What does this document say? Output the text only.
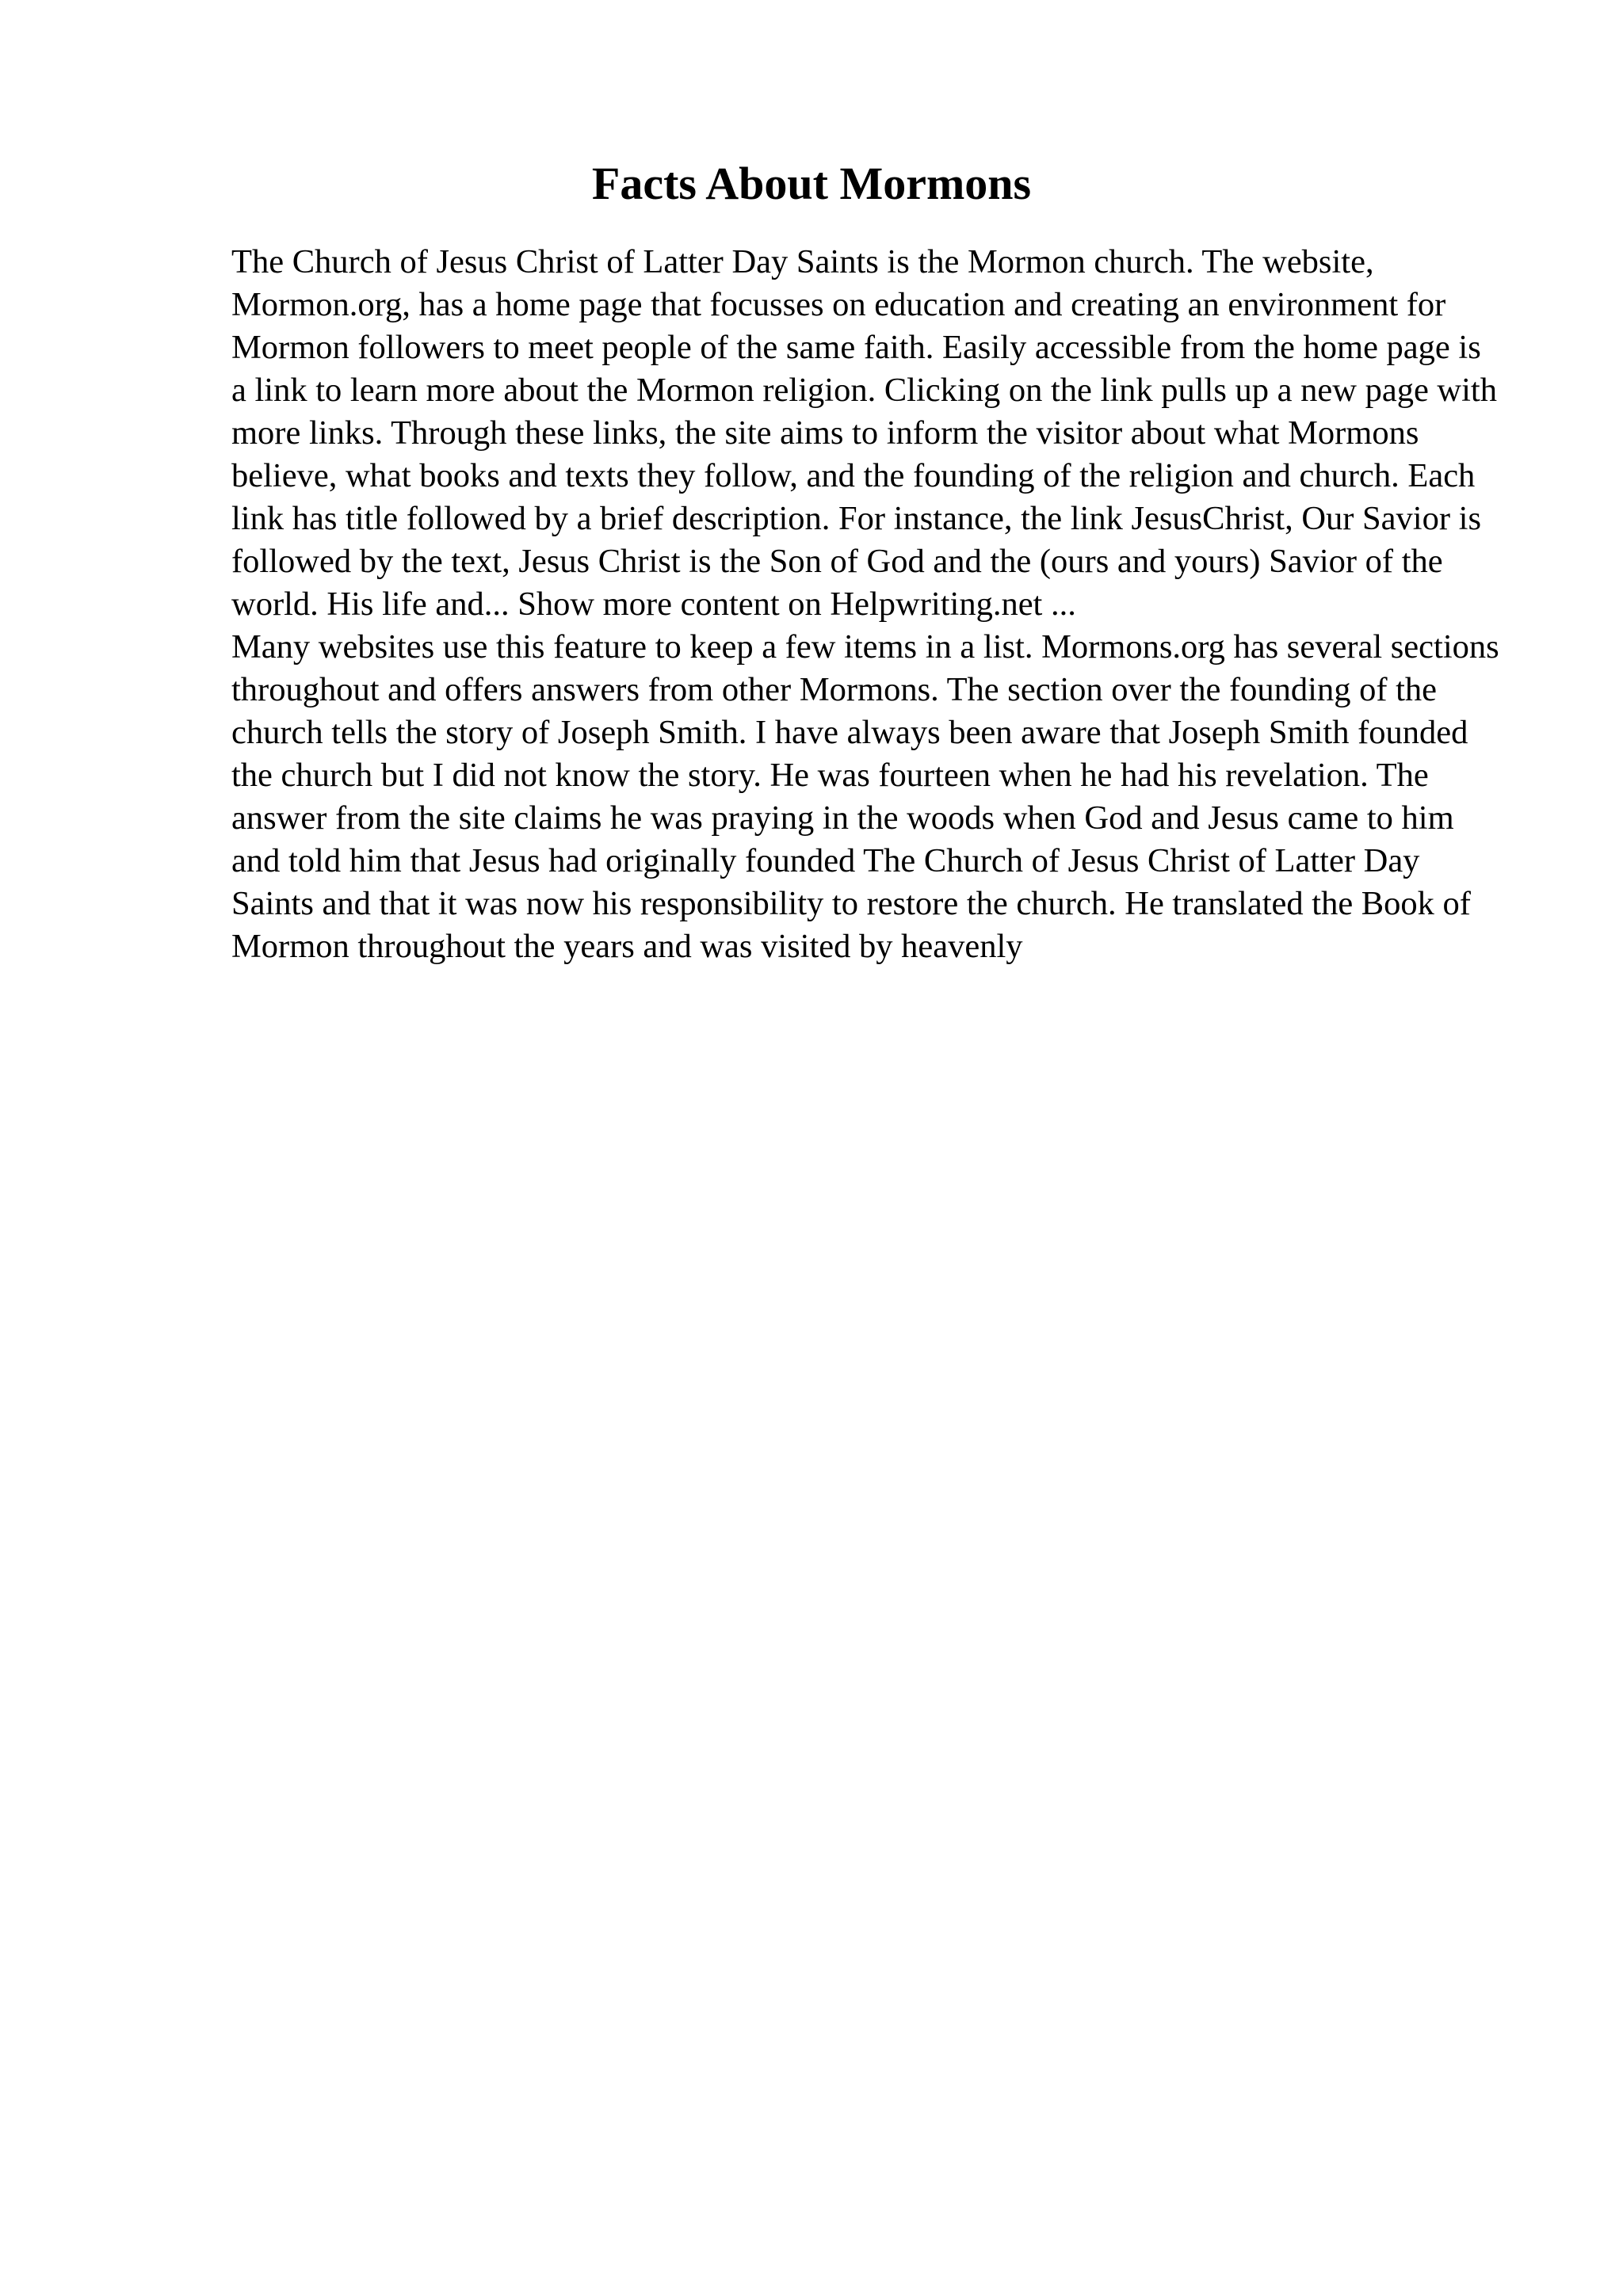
Facts About Mormons

The Church of Jesus Christ of Latter Day Saints is the Mormon church. The website, Mormon.org, has a home page that focusses on education and creating an environment for Mormon followers to meet people of the same faith. Easily accessible from the home page is a link to learn more about the Mormon religion. Clicking on the link pulls up a new page with more links. Through these links, the site aims to inform the visitor about what Mormons believe, what books and texts they follow, and the founding of the religion and church. Each link has title followed by a brief description. For instance, the link JesusChrist, Our Savior is followed by the text, Jesus Christ is the Son of God and the (ours and yours) Savior of the world. His life and... Show more content on Helpwriting.net ...

Many websites use this feature to keep a few items in a list. Mormons.org has several sections throughout and offers answers from other Mormons. The section over the founding of the church tells the story of Joseph Smith. I have always been aware that Joseph Smith founded the church but I did not know the story. He was fourteen when he had his revelation. The answer from the site claims he was praying in the woods when God and Jesus came to him and told him that Jesus had originally founded The Church of Jesus Christ of Latter Day Saints and that it was now his responsibility to restore the church. He translated the Book of Mormon throughout the years and was visited by heavenly
